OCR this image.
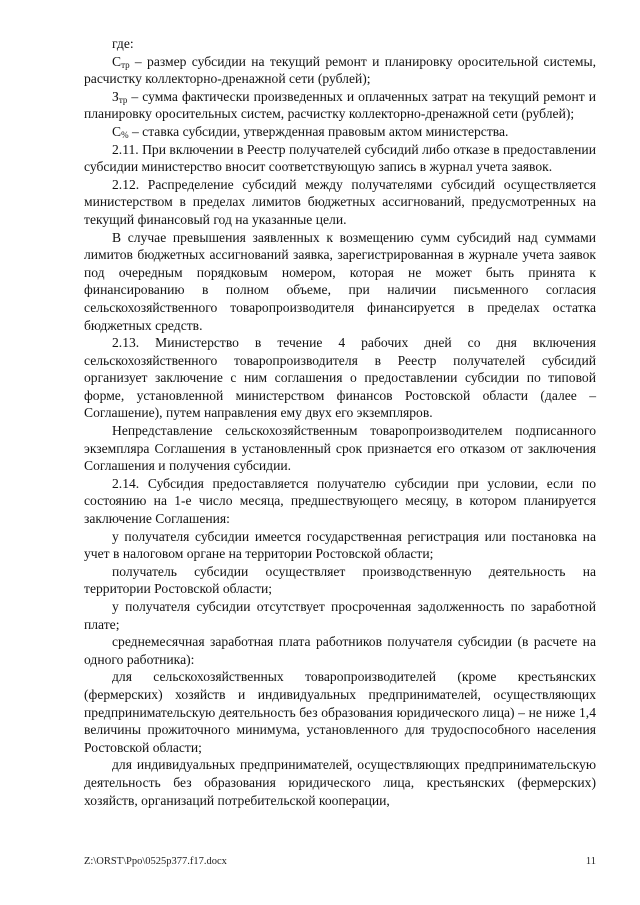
где:

$С_{тр}$ – размер субсидии на текущий ремонт и планировку оросительной системы, расчистку коллекторно-дренажной сети (рублей);

$З_{тр}$ – сумма фактически произведенных и оплаченных затрат на текущий ремонт и планировку оросительных систем, расчистку коллекторно-дренажной сети (рублей);

$С_{\%}$ – ставка субсидии, утвержденная правовым актом министерства.

2.11. При включении в Реестр получателей субсидий либо отказе в предоставлении субсидии министерство вносит соответствующую запись в журнал учета заявок.

2.12. Распределение субсидий между получателями субсидий осуществляется министерством в пределах лимитов бюджетных ассигнований, предусмотренных на текущий финансовый год на указанные цели.

В случае превышения заявленных к возмещению сумм субсидий над суммами лимитов бюджетных ассигнований заявка, зарегистрированная в журнале учета заявок под очередным порядковым номером, которая не может быть принята к финансированию в полном объеме, при наличии письменного согласия сельскохозяйственного товаропроизводителя финансируется в пределах остатка бюджетных средств.

2.13. Министерство в течение 4 рабочих дней со дня включения сельскохозяйственного товаропроизводителя в Реестр получателей субсидий организует заключение с ним соглашения о предоставлении субсидии по типовой форме, установленной министерством финансов Ростовской области (далее – Соглашение), путем направления ему двух его экземпляров.

Непредставление сельскохозяйственным товаропроизводителем подписанного экземпляра Соглашения в установленный срок признается его отказом от заключения Соглашения и получения субсидии.

2.14. Субсидия предоставляется получателю субсидии при условии, если по состоянию на 1-е число месяца, предшествующего месяцу, в котором планируется заключение Соглашения:

у получателя субсидии имеется государственная регистрация или постановка на учет в налоговом органе на территории Ростовской области;

получатель субсидии осуществляет производственную деятельность на территории Ростовской области;

у получателя субсидии отсутствует просроченная задолженность по заработной плате;

среднемесячная заработная плата работников получателя субсидии (в расчете на одного работника):

для сельскохозяйственных товаропроизводителей (кроме крестьянских (фермерских) хозяйств и индивидуальных предпринимателей, осуществляющих предпринимательскую деятельность без образования юридического лица) – не ниже 1,4 величины прожиточного минимума, установленного для трудоспособного населения Ростовской области;

для индивидуальных предпринимателей, осуществляющих предпринимательскую деятельность без образования юридического лица, крестьянских (фермерских) хозяйств, организаций потребительской кооперации,

Z:\ORST\Ppo\0525p377.f17.docx	11
